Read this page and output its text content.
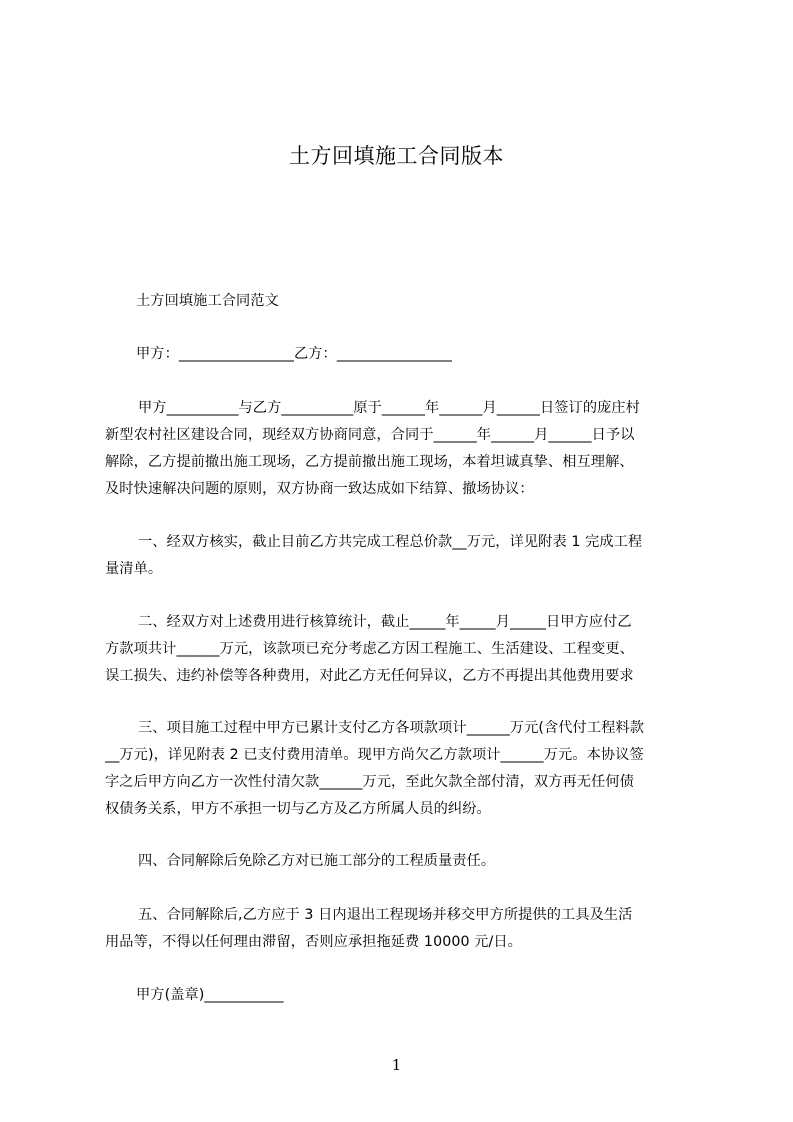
土方回填施工合同版本
土方回填施工合同范文
甲方：________________乙方：________________
甲方__________与乙方__________原于______年______月______日签订的庞庄村
新型农村社区建设合同，现经双方协商同意，合同于______年______月______日予以
解除，乙方提前撤出施工现场，乙方提前撤出施工现场，本着坦诚真挚、相互理解、
及时快速解决问题的原则，双方协商一致达成如下结算、撤场协议：
一、经双方核实，截止目前乙方共完成工程总价款__万元，详见附表 1 完成工程
量清单。
二、经双方对上述费用进行核算统计，截止_____年_____月_____日甲方应付乙
方款项共计______万元，该款项已充分考虑乙方因工程施工、生活建设、工程变更、
误工损失、违约补偿等各种费用，对此乙方无任何异议，乙方不再提出其他费用要求
三、项目施工过程中甲方已累计支付乙方各项款项计______万元(含代付工程料款
__万元)，详见附表 2 已支付费用清单。现甲方尚欠乙方款项计______万元。本协议签
字之后甲方向乙方一次性付清欠款______万元，至此欠款全部付清，双方再无任何债
权债务关系，甲方不承担一切与乙方及乙方所属人员的纠纷。
四、合同解除后免除乙方对已施工部分的工程质量责任。
五、合同解除后,乙方应于 3 日内退出工程现场并移交甲方所提供的工具及生活
用品等，不得以任何理由滞留，否则应承担拖延费 10000 元/日。
甲方(盖章)___________
1
